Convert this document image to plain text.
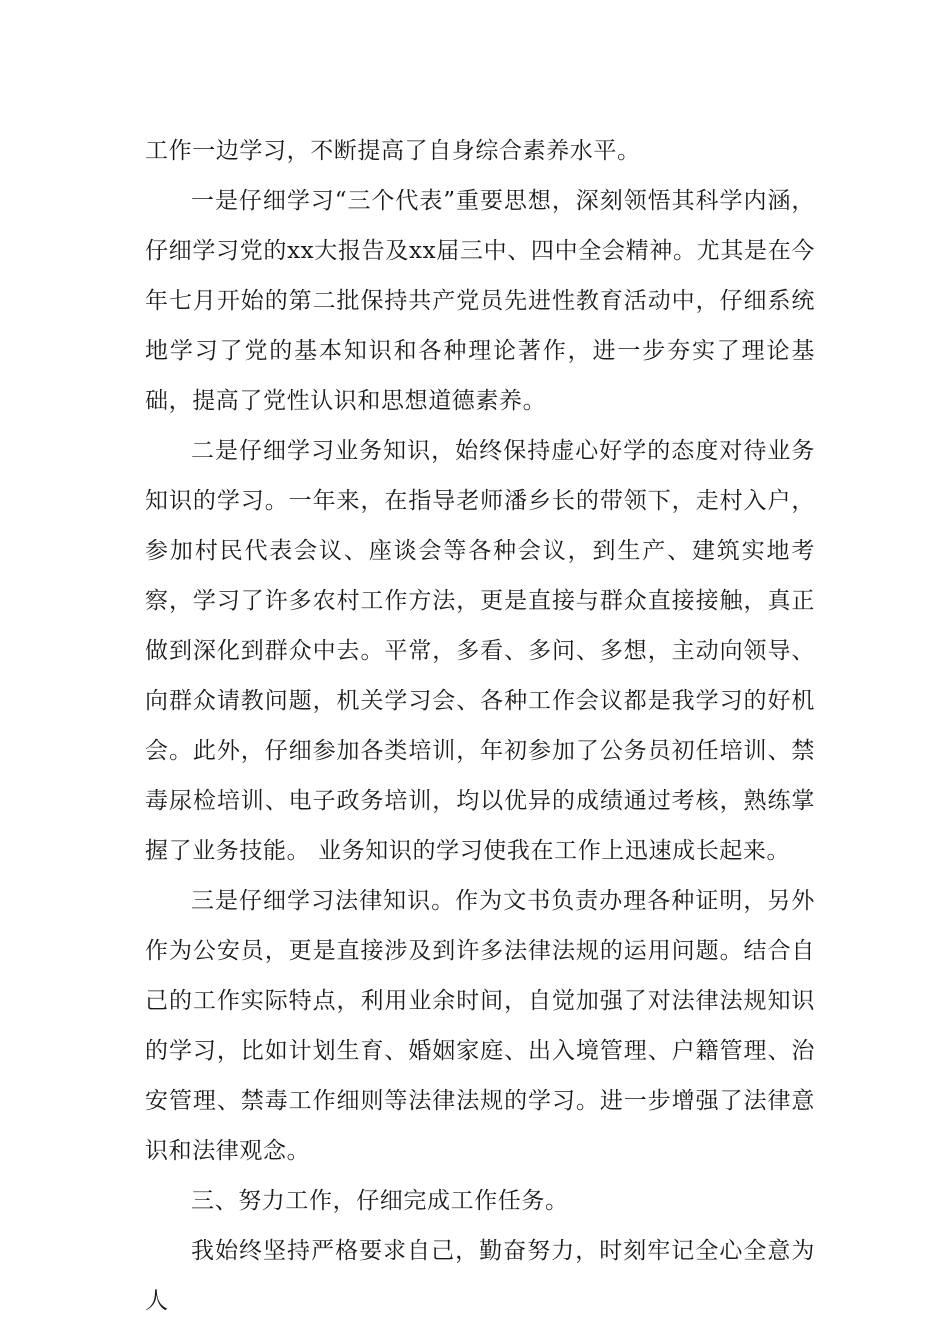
工作一边学习，不断提高了自身综合素养水平。

一是仔细学习“三个代表”重要思想，深刻领悟其科学内涵，仔细学习党的xx大报告及xx届三中、四中全会精神。尤其是在今年七月开始的第二批保持共产党员先进性教育活动中，仔细系统地学习了党的基本知识和各种理论著作，进一步夯实了理论基础，提高了党性认识和思想道德素养。

二是仔细学习业务知识，始终保持虚心好学的态度对待业务知识的学习。一年来，在指导老师潘乡长的带领下，走村入户，参加村民代表会议、座谈会等各种会议，到生产、建筑实地考察，学习了许多农村工作方法，更是直接与群众直接接触，真正做到深化到群众中去。平常，多看、多问、多想，主动向领导、向群众请教问题，机关学习会、各种工作会议都是我学习的好机会。此外，仔细参加各类培训，年初参加了公务员初任培训、禁毒尿检培训、电子政务培训，均以优异的成绩通过考核，熟练掌握了业务技能。 业务知识的学习使我在工作上迅速成长起来。

三是仔细学习法律知识。作为文书负责办理各种证明，另外作为公安员，更是直接涉及到许多法律法规的运用问题。结合自己的工作实际特点，利用业余时间，自觉加强了对法律法规知识的学习，比如计划生育、婚姻家庭、出入境管理、户籍管理、治安管理、禁毒工作细则等法律法规的学习。进一步增强了法律意识和法律观念。

三、努力工作，仔细完成工作任务。

我始终坚持严格要求自己，勤奋努力，时刻牢记全心全意为人
